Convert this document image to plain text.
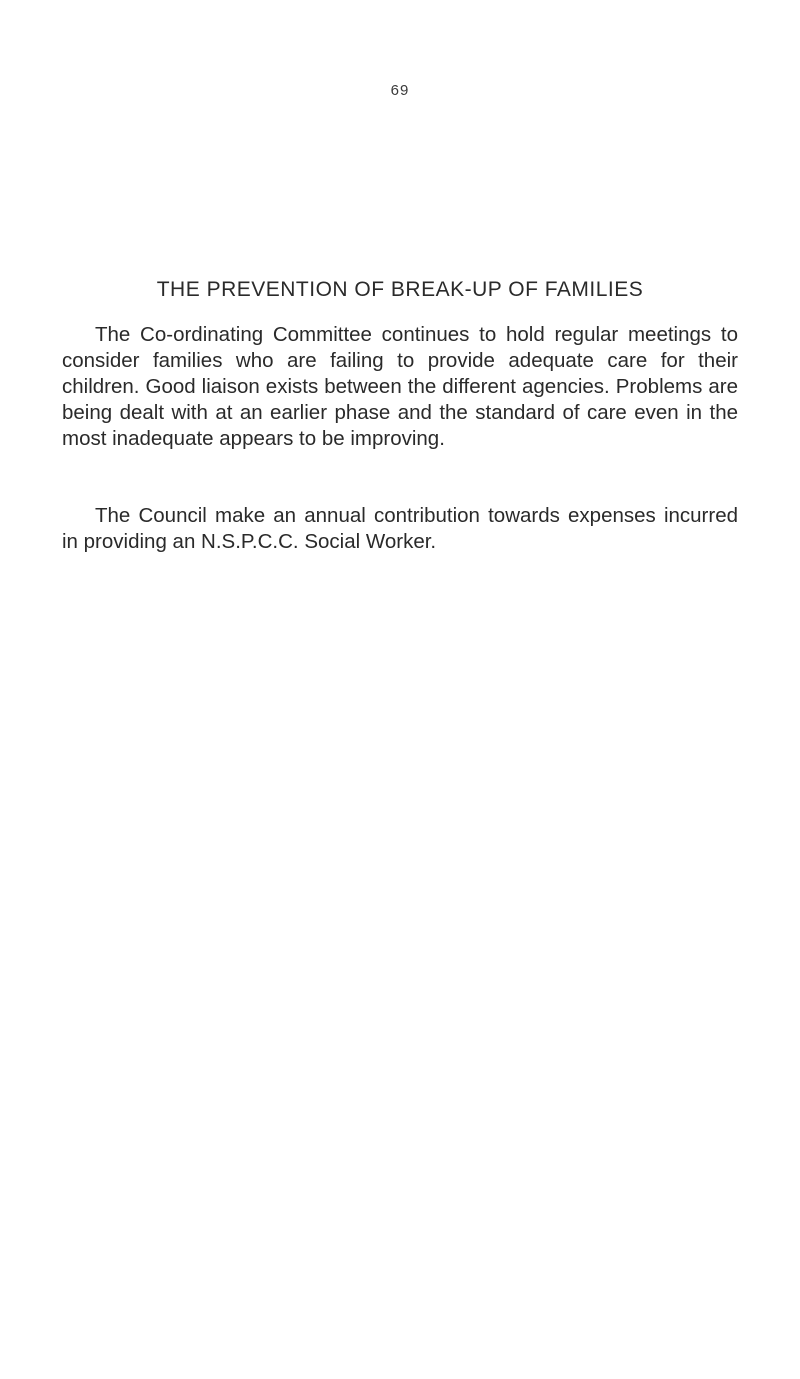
69
THE PREVENTION OF BREAK-UP OF FAMILIES

The Co-ordinating Committee continues to hold regular meetings to consider families who are failing to provide adequate care for their children. Good liaison exists between the different agencies. Problems are being dealt with at an earlier phase and the standard of care even in the most inadequate appears to be improving.

The Council make an annual contribution towards expenses incurred in providing an N.S.P.C.C. Social Worker.
